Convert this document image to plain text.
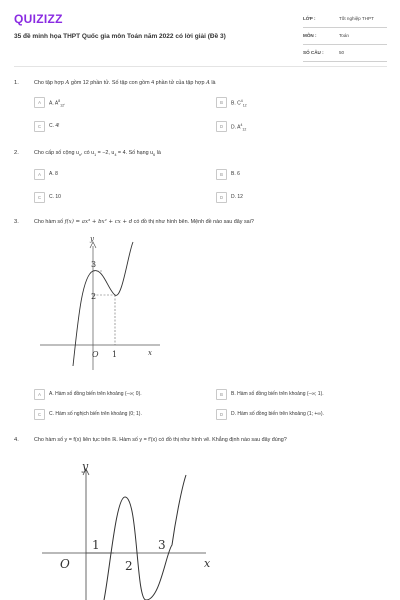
QUIZIZZ
35 đề minh họa THPT Quốc gia môn Toán năm 2022 có lời giải (Đề 3)
LỚP :	Tốt nghiệp THPT
MÔN :	Toán
SỐ CÂU :	50
1.	Cho tập hợp A gồm 12 phần tử. Số tập con gồm 4 phần tử của tập hợp A là
A	A. $A^8_{12}$.	B	B. $C^4_{12}$
C	C. 4!	D	D. $A^4_{12}$
2.	Cho cấp số cộng $u_n$, có $u_1 = -2$, $u_4 = 4$. Số hạng $u_6$ là
A	A. 8	B	B. 6
C	C. 10	D	D. 12
3.	Cho hàm số f(x) = ax³ + bx² + cx + d có đồ thị như hình bên. Mệnh đề nào sau đây sai?
3
2
1
O	x
A	A. Hàm số đồng biến trên khoảng (−∞; 0).	B	B. Hàm số đồng biến trên khoảng (−∞; 1).
C	C. Hàm số nghịch biến trên khoảng (0; 1).	D	D. Hàm số đồng biến trên khoảng (1; +∞).
4.	Cho hàm số y = f(x) liên tục trên ℝ. Hàm số y = f′(x) có đồ thị như hình vẽ. Khẳng định nào sau đây đúng?
1
2
3
O	x
y
y
